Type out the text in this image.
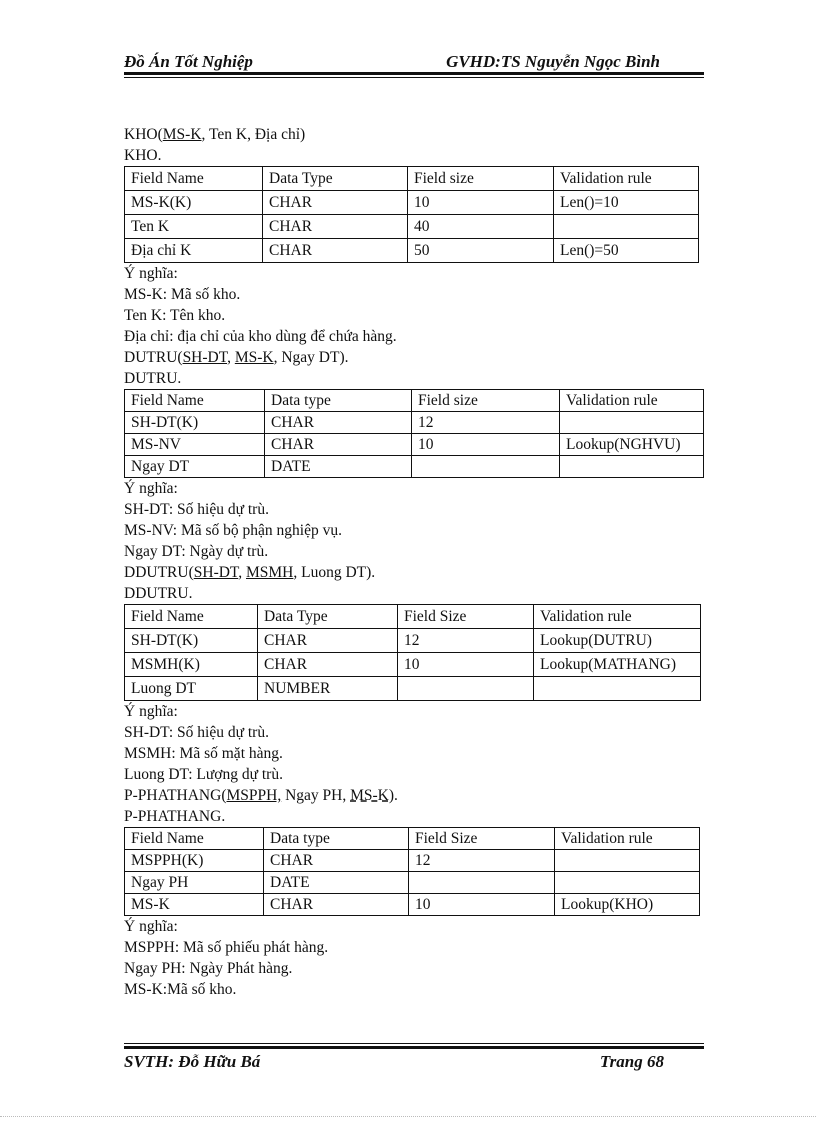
Đồ Án Tốt Nghiệp	GVHD:TS Nguyễn Ngọc Bình
KHO(MS-K, Ten K, Địa chỉ)
KHO.
Field Name	Data Type	Field size	Validation rule
MS-K(K)	CHAR	10	Len()=10
Ten K	CHAR	40	
Địa chỉ K	CHAR	50	Len()=50
Ý nghĩa:
MS-K: Mã số kho.
Ten K: Tên kho.
Địa chỉ: địa chỉ của kho dùng để chứa hàng.
DUTRU(SH-DT, MS-K, Ngay DT).
DUTRU.
Field Name	Data type	Field size	Validation rule
SH-DT(K)	CHAR	12	
MS-NV	CHAR	10	Lookup(NGHVU)
Ngay DT	DATE		
Ý nghĩa:
SH-DT: Số hiệu dự trù.
MS-NV: Mã số bộ phận nghiệp vụ.
Ngay DT: Ngày dự trù.
DDUTRU(SH-DT, MSMH, Luong DT).
DDUTRU.
Field Name	Data Type	Field Size	Validation rule
SH-DT(K)	CHAR	12	Lookup(DUTRU)
MSMH(K)	CHAR	10	Lookup(MATHANG)
Luong DT	NUMBER		
Ý nghĩa:
SH-DT: Số hiệu dự trù.
MSMH: Mã số mặt hàng.
Luong DT: Lượng dự trù.
P-PHATHANG(MSPPH, Ngay PH, MS-K).
P-PHATHANG.
Field Name	Data type	Field Size	Validation rule
MSPPH(K)	CHAR	12	
Ngay PH	DATE		
MS-K	CHAR	10	Lookup(KHO)
Ý nghĩa:
MSPPH: Mã số phiếu phát hàng.
Ngay PH: Ngày Phát hàng.
MS-K:Mã số kho.
SVTH: Đỗ Hữu Bá	Trang 68
